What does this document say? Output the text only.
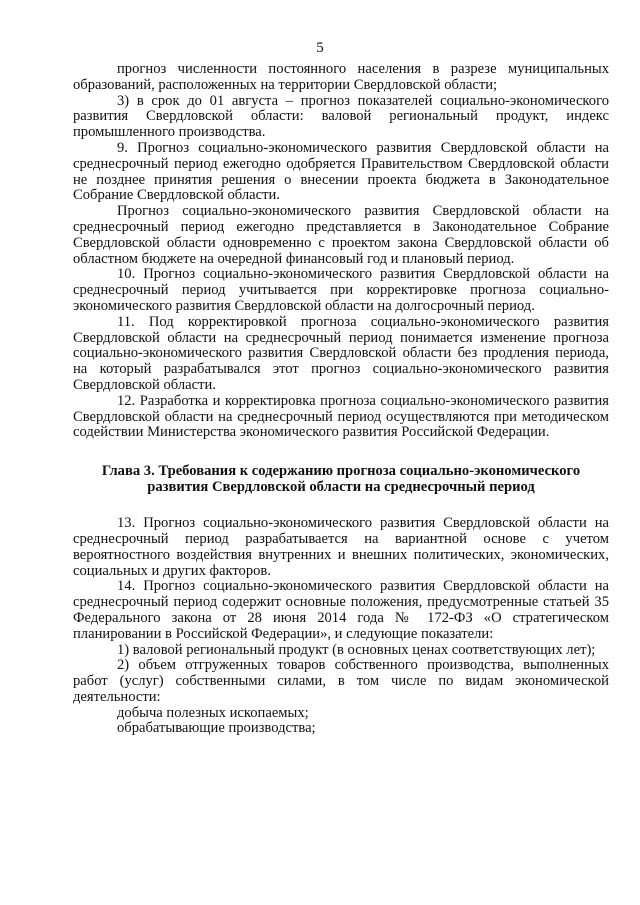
5

прогноз численности постоянного населения в разрезе муниципальных образований, расположенных на территории Свердловской области;

3) в срок до 01 августа – прогноз показателей социально-экономического развития Свердловской области: валовой региональный продукт, индекс промышленного производства.

9. Прогноз социально-экономического развития Свердловской области на среднесрочный период ежегодно одобряется Правительством Свердловской области не позднее принятия решения о внесении проекта бюджета в Законодательное Собрание Свердловской области.

Прогноз социально-экономического развития Свердловской области на среднесрочный период ежегодно представляется в Законодательное Собрание Свердловской области одновременно с проектом закона Свердловской области об областном бюджете на очередной финансовый год и плановый период.

10. Прогноз социально-экономического развития Свердловской области на среднесрочный период учитывается при корректировке прогноза социально-экономического развития Свердловской области на долгосрочный период.

11. Под корректировкой прогноза социально-экономического развития Свердловской области на среднесрочный период понимается изменение прогноза социально-экономического развития Свердловской области без продления периода, на который разрабатывался этот прогноз социально-экономического развития Свердловской области.

12. Разработка и корректировка прогноза социально-экономического развития Свердловской области на среднесрочный период осуществляются при методическом содействии Министерства экономического развития Российской Федерации.

Глава 3. Требования к содержанию прогноза социально-экономического
развития Свердловской области на среднесрочный период

13. Прогноз социально-экономического развития Свердловской области на среднесрочный период разрабатывается на вариантной основе с учетом вероятностного воздействия внутренних и внешних политических, экономических, социальных и других факторов.

14. Прогноз социально-экономического развития Свердловской области на среднесрочный период содержит основные положения, предусмотренные статьей 35 Федерального закона от 28 июня 2014 года № 172-ФЗ «О стратегическом планировании в Российской Федерации», и следующие показатели:

1) валовой региональный продукт (в основных ценах соответствующих лет);

2) объем отгруженных товаров собственного производства, выполненных работ (услуг) собственными силами, в том числе по видам экономической деятельности:

добыча полезных ископаемых;

обрабатывающие производства;
